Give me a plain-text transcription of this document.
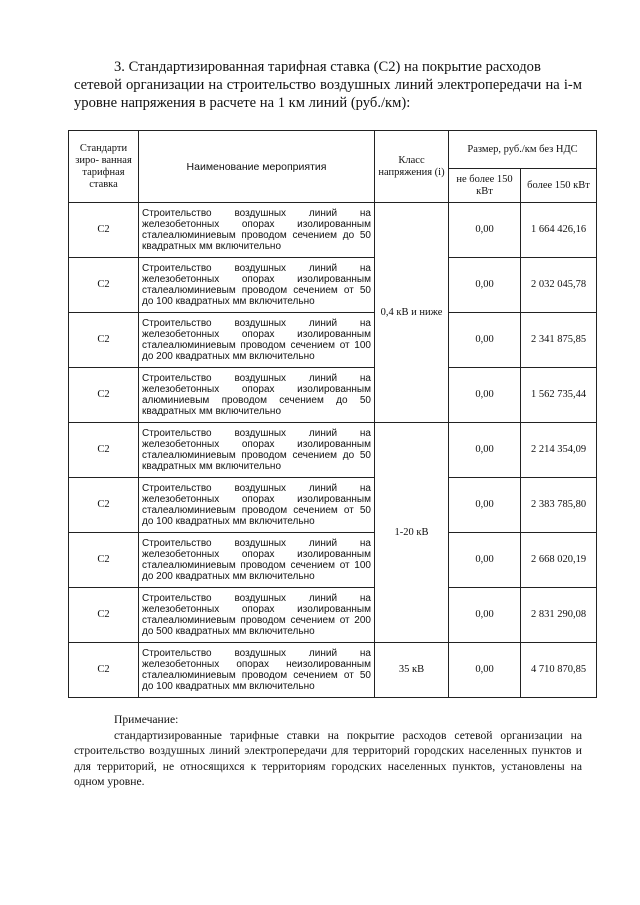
3. Стандартизированная тарифная ставка (С2) на покрытие расходов
сетевой организации на строительство воздушных линий электропередачи на i-м уровне напряжения в расчете на 1 км линий (руб./км):
Стандарти зиро- ванная тарифная ставка	Наименование мероприятия	Класс напряжения (i)	Размер, руб./км без НДС	
			не более 150 кВт	более 150 кВт
С2	Строительство воздушных линий на железобетонных опорах изолированным сталеалюминиевым проводом сечением до 50 квадратных мм включительно	0,4 кВ и ниже	0,00	1 664 426,16
С2	Строительство воздушных линий на железобетонных опорах изолированным сталеалюминиевым проводом сечением от 50 до 100 квадратных мм включительно		0,00	2 032 045,78
С2	Строительство воздушных линий на железобетонных опорах изолированным сталеалюминиевым проводом сечением от 100 до 200 квадратных мм включительно		0,00	2 341 875,85
С2	Строительство воздушных линий на железобетонных опорах изолированным алюминиевым проводом сечением до 50 квадратных мм включительно		0,00	1 562 735,44
С2	Строительство воздушных линий на железобетонных опорах изолированным сталеалюминиевым проводом сечением до 50 квадратных мм включительно	1-20 кВ	0,00	2 214 354,09
С2	Строительство воздушных линий на железобетонных опорах изолированным сталеалюминиевым проводом сечением от 50 до 100 квадратных мм включительно		0,00	2 383 785,80
С2	Строительство воздушных линий на железобетонных опорах изолированным сталеалюминиевым проводом сечением от 100 до 200 квадратных мм включительно		0,00	2 668 020,19
С2	Строительство воздушных линий на железобетонных опорах изолированным сталеалюминиевым проводом сечением от 200 до 500 квадратных мм включительно		0,00	2 831 290,08
С2	Строительство воздушных линий на железобетонных опорах неизолированным сталеалюминиевым проводом сечением от 50 до 100 квадратных мм включительно	35 кВ	0,00	4 710 870,85
Примечание:
стандартизированные тарифные ставки на покрытие расходов сетевой организации на строительство воздушных линий электропередачи для территорий городских населенных пунктов и для территорий, не относящихся к территориям городских населенных пунктов, установлены на одном уровне.
